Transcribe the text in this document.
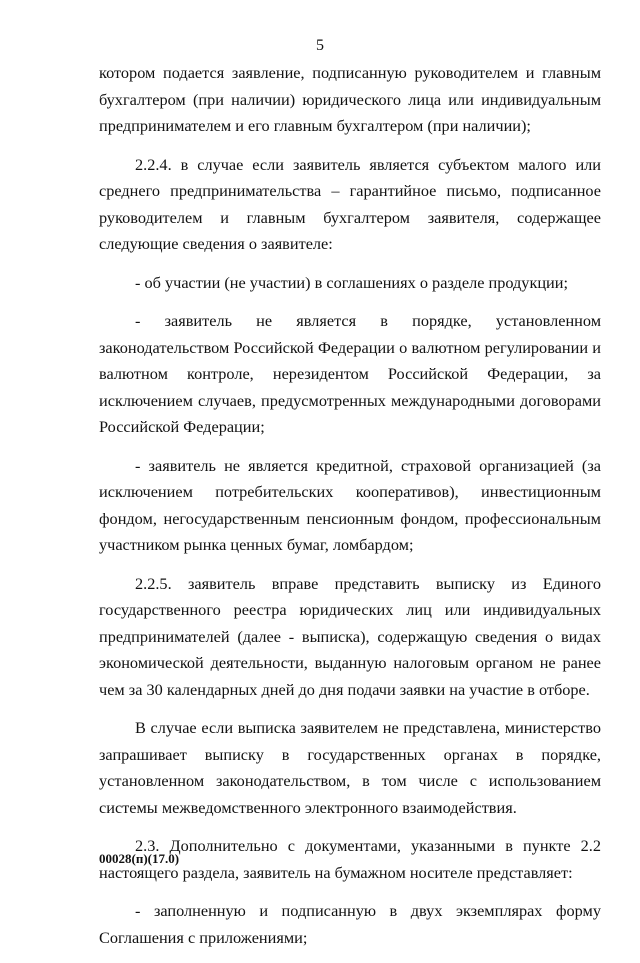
5

котором подается заявление, подписанную руководителем и главным бухгалтером (при наличии) юридического лица или индивидуальным предпринимателем и его главным бухгалтером (при наличии);

2.2.4. в случае если заявитель является субъектом малого или среднего предпринимательства – гарантийное письмо, подписанное руководителем и главным бухгалтером заявителя, содержащее следующие сведения о заявителе:

- об участии (не участии) в соглашениях о разделе продукции;

- заявитель не является в порядке, установленном законодательством Российской Федерации о валютном регулировании и валютном контроле, нерезидентом Российской Федерации, за исключением случаев, предусмотренных международными договорами Российской Федерации;

- заявитель не является кредитной, страховой организацией (за исключением потребительских кооперативов), инвестиционным фондом, негосударственным пенсионным фондом, профессиональным участником рынка ценных бумаг, ломбардом;

2.2.5. заявитель вправе представить выписку из Единого государственного реестра юридических лиц или индивидуальных предпринимателей (далее - выписка), содержащую сведения о видах экономической деятельности, выданную налоговым органом не ранее чем за 30 календарных дней до дня подачи заявки на участие в отборе.

В случае если выписка заявителем не представлена, министерство запрашивает выписку в государственных органах в порядке, установленном законодательством, в том числе с использованием системы межведомственного электронного взаимодействия.

2.3. Дополнительно с документами, указанными в пункте 2.2 настоящего раздела, заявитель на бумажном носителе представляет:

- заполненную и подписанную в двух экземплярах форму Соглашения с приложениями;

00028(п)(17.0)
